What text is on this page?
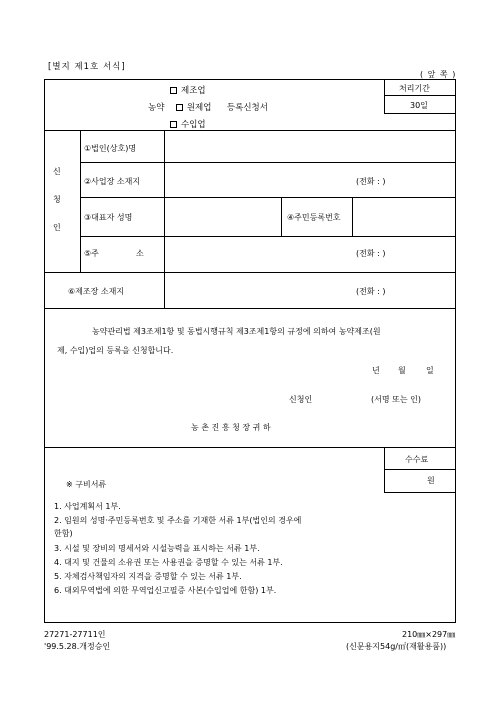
[별지 제1호 서식]
( 앞 쪽 )
제조업
농약	원제업 등록신청서
수입업
처리기간
30일
신
청
인
①법인(상호)명
②사업장 소재지	(전화 : )
③대표자 성명	④주민등록번호
⑤주	소	(전화 : )
⑥제조장 소재지	(전화 : )
농약관리법 제3조제1항 및 동법시행규칙 제3조제1항의 규정에 의하여 농약제조(원
제, 수입)업의 등록을 신청합니다.
년 월	일
신청인	(서명 또는 인)
농 촌 진 흥 청 장 귀 하
수수료
원
※ 구비서류
1. 사업계획서 1부.
2. 임원의 성명·주민등록번호 및 주소를 기재한 서류 1부(법인의 경우에
한함)
3. 시설 및 장비의 명세서와 시설능력을 표시하는 서류 1부.
4. 대지 및 건물의 소유권 또는 사용권을 증명할 수 있는 서류 1부.
5. 자체검사책임자의 지격을 증명할 수 있는 서류 1부.
6. 대외무역법에 의한 무역업신고필증 사본(수입업에 한함) 1부.
27271-27711인
'99.5.28.개정승인
210㎜×297㎜
(신문용지54g/㎡(재활용품))
